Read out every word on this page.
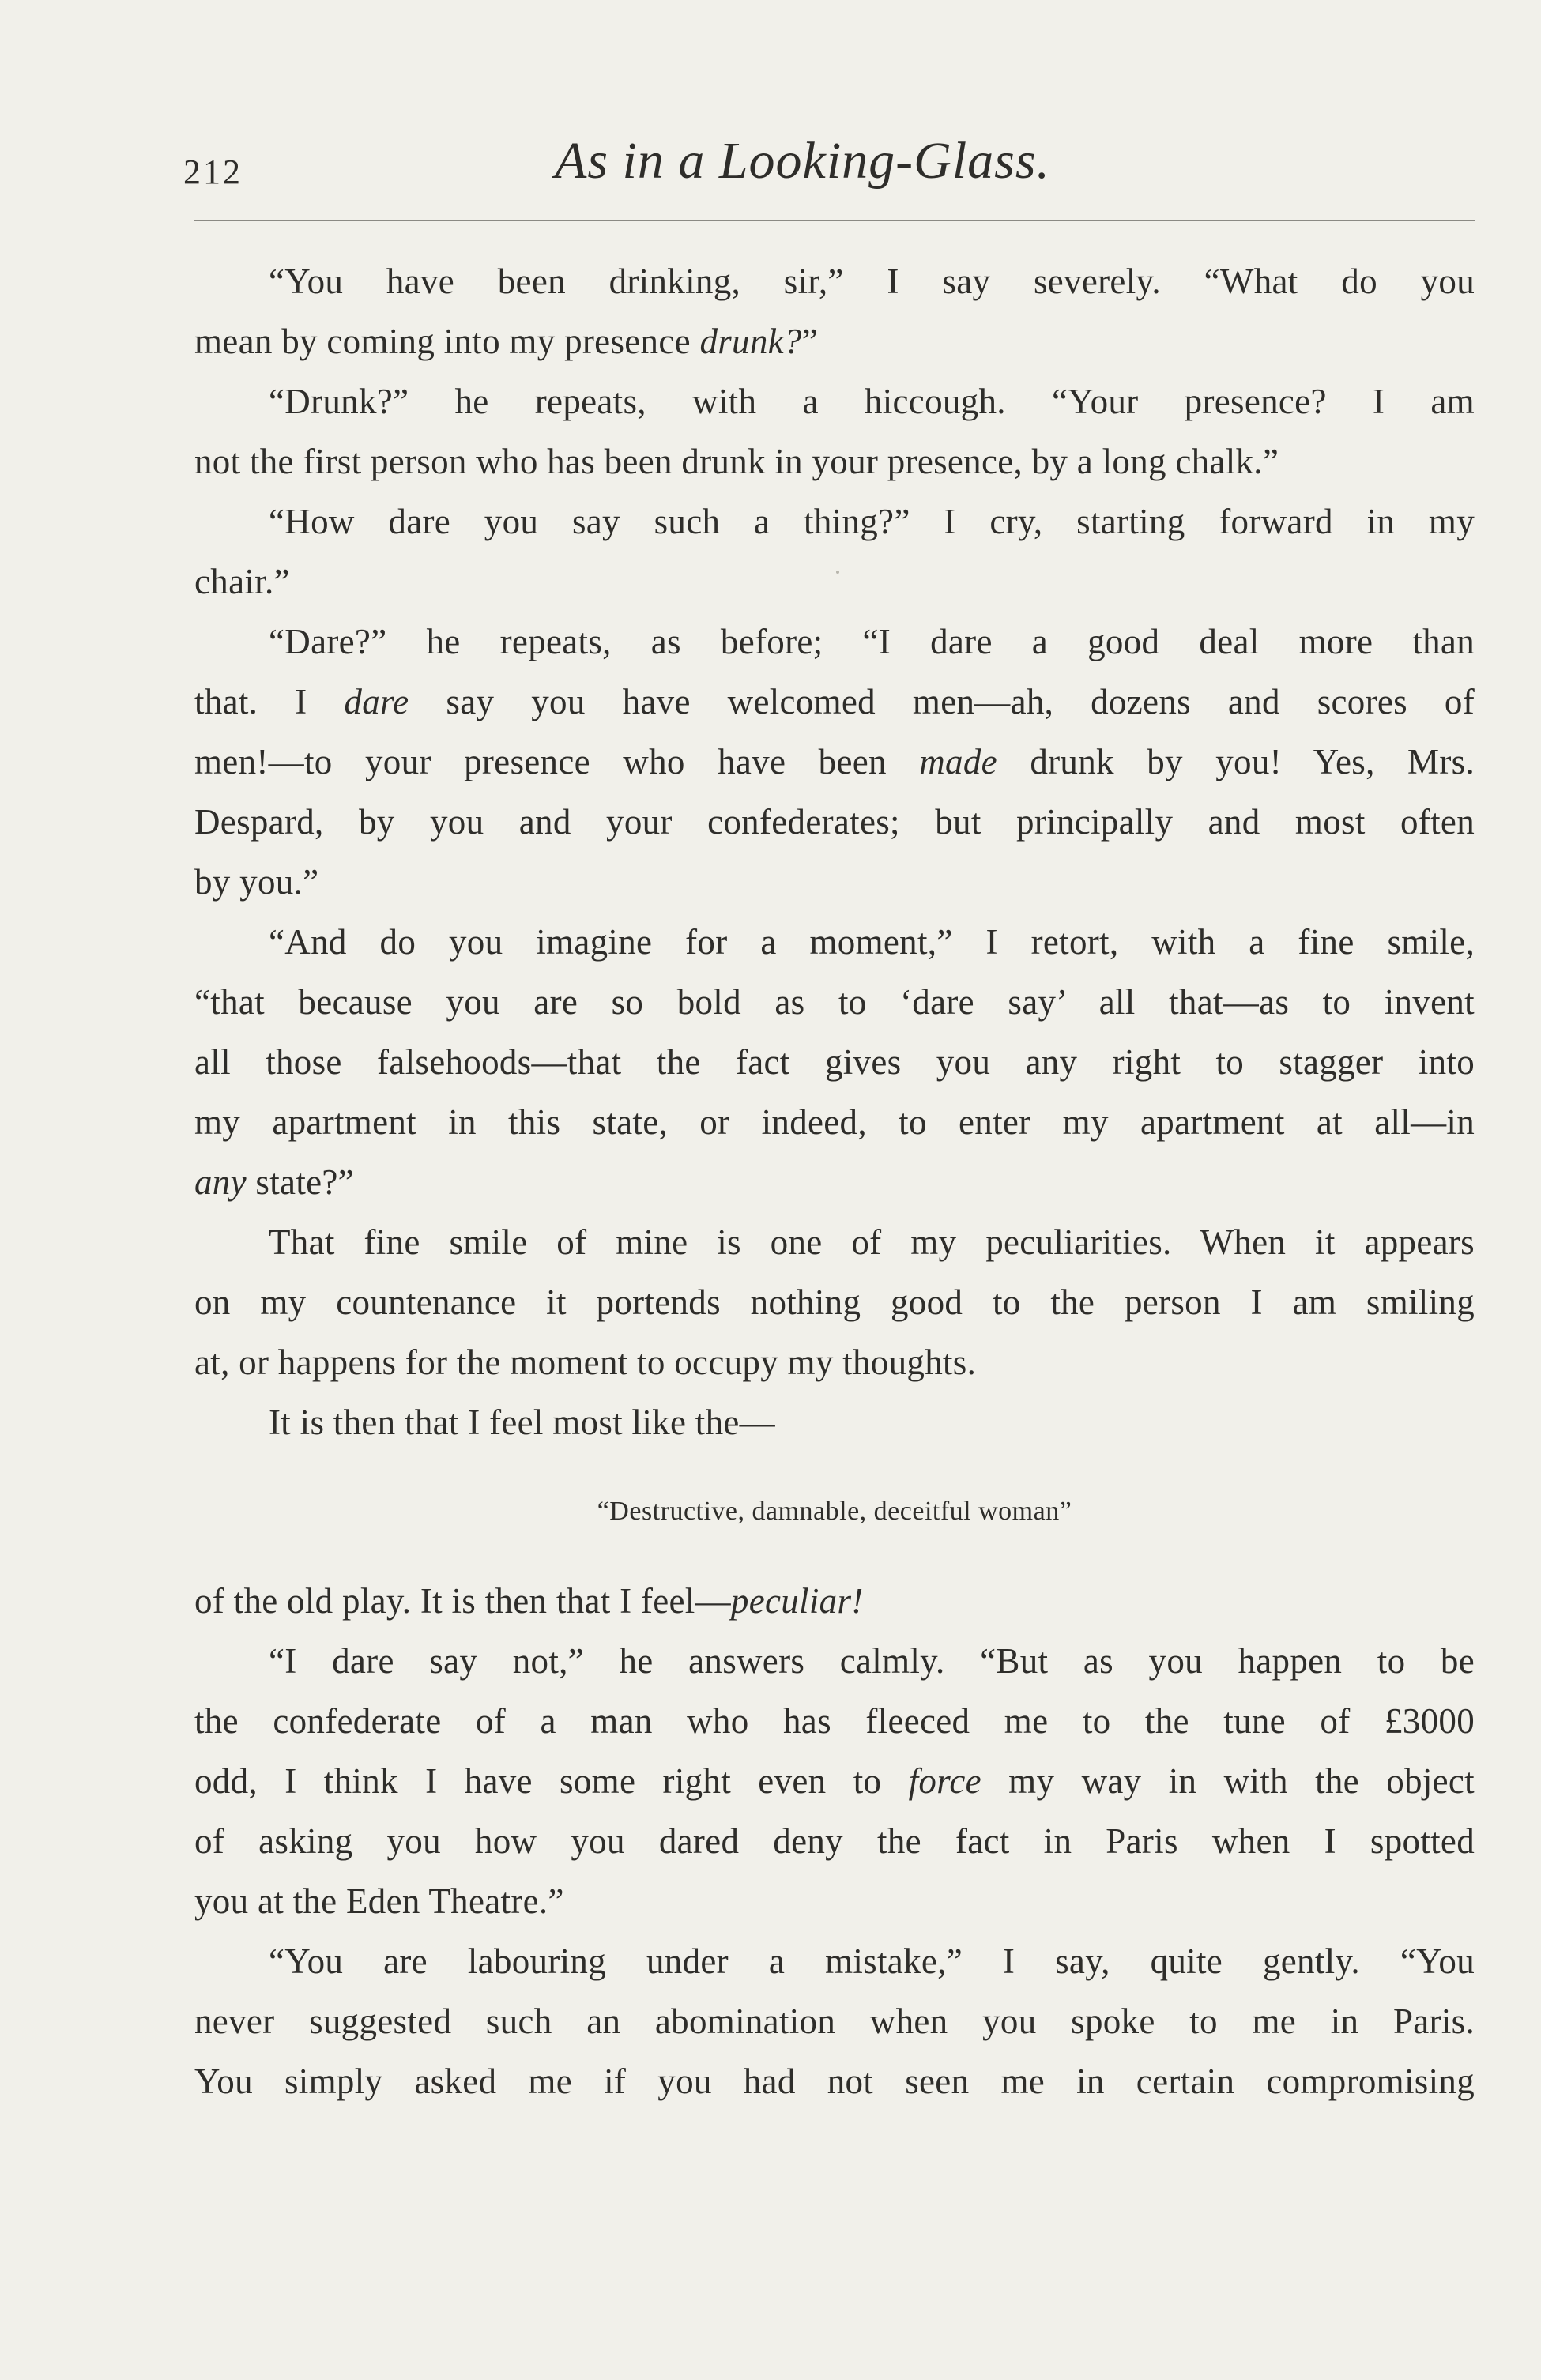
212	As in a Looking-Glass.
“You have been drinking, sir,” I say severely. “What do you
mean by coming into my presence drunk?”
“Drunk?” he repeats, with a hiccough. “Your presence? I am
not the first person who has been drunk in your presence, by a long chalk.”
“How dare you say such a thing?” I cry, starting forward in my
chair.”
“Dare?” he repeats, as before; “I dare a good deal more than
that. I dare say you have welcomed men—ah, dozens and scores of
men!—to your presence who have been made drunk by you! Yes, Mrs.
Despard, by you and your confederates; but principally and most often
by you.”
“And do you imagine for a moment,” I retort, with a fine smile,
“that because you are so bold as to ‘dare say’ all that—as to invent
all those falsehoods—that the fact gives you any right to stagger into
my apartment in this state, or indeed, to enter my apartment at all—in
any state?”
That fine smile of mine is one of my peculiarities. When it appears
on my countenance it portends nothing good to the person I am smiling
at, or happens for the moment to occupy my thoughts.
It is then that I feel most like the—
“Destructive, damnable, deceitful woman”
of the old play. It is then that I feel—peculiar!
“I dare say not,” he answers calmly. “But as you happen to be
the confederate of a man who has fleeced me to the tune of £3000
odd, I think I have some right even to force my way in with the object
of asking you how you dared deny the fact in Paris when I spotted
you at the Eden Theatre.”
“You are labouring under a mistake,” I say, quite gently. “You
never suggested such an abomination when you spoke to me in Paris.
You simply asked me if you had not seen me in certain compromising
